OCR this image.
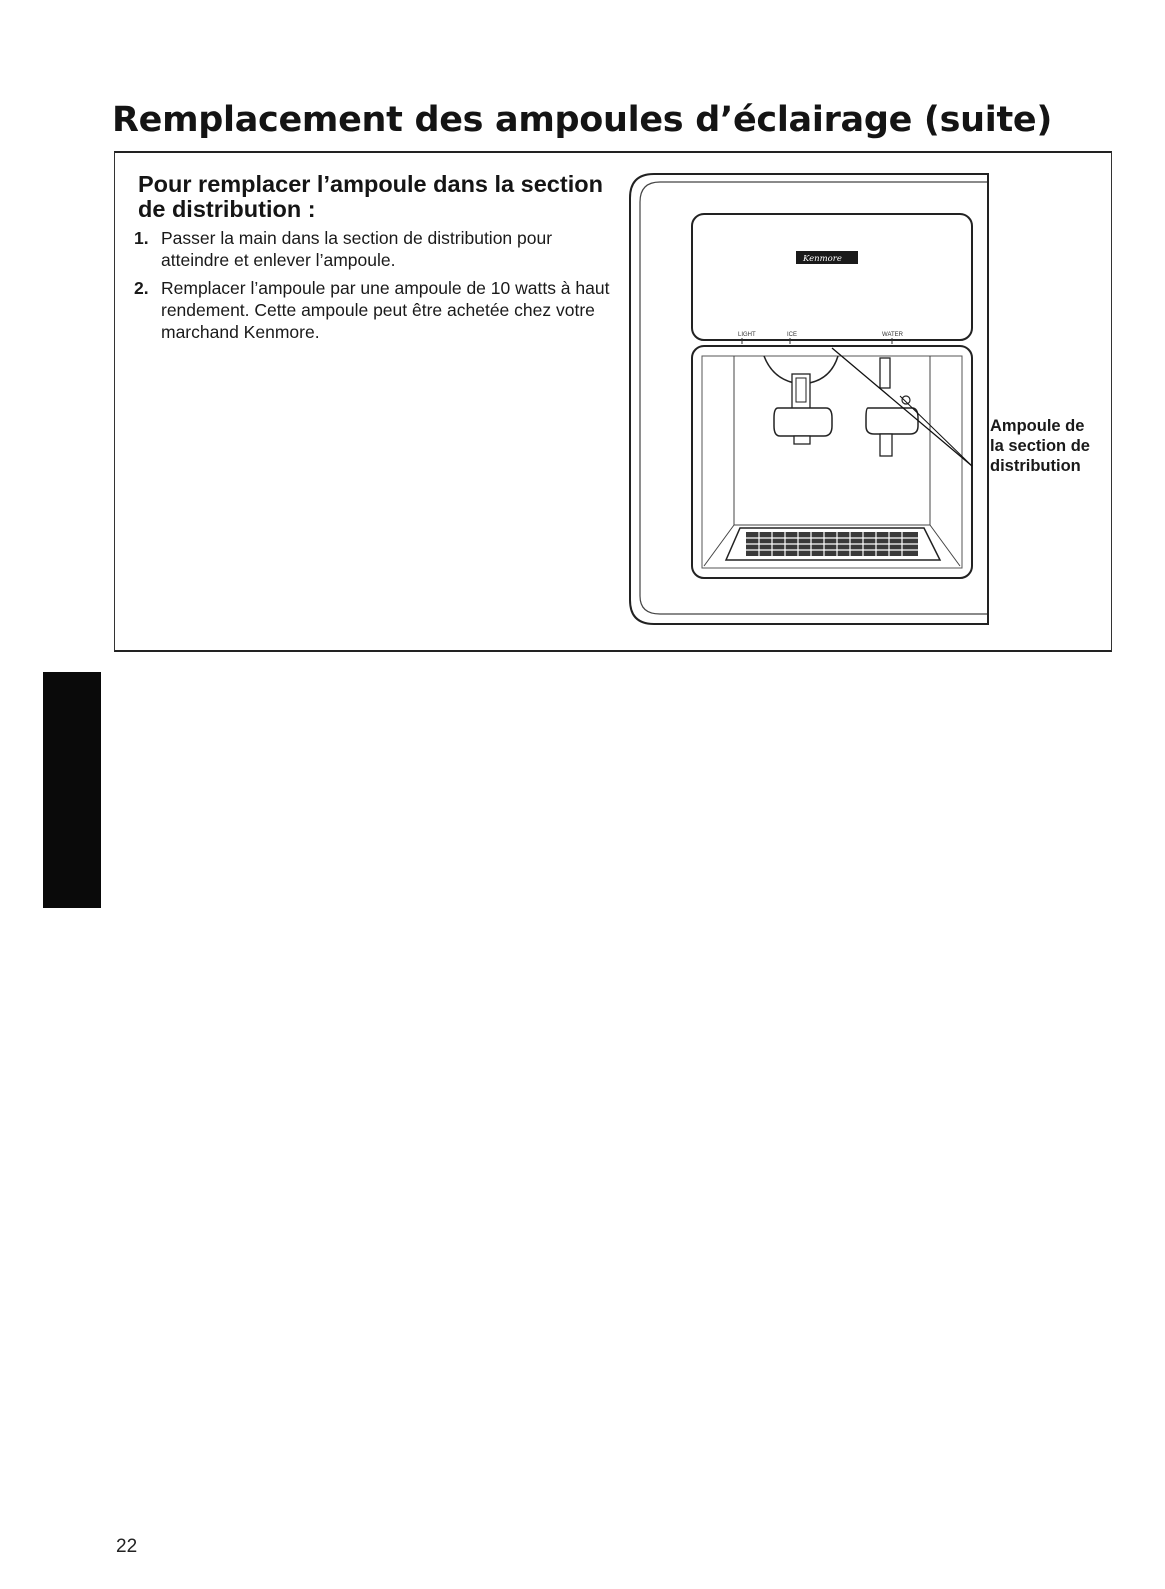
Remplacement des ampoules d’éclairage (suite)
Pour remplacer l’ampoule dans la section de distribution :
1. Passer la main dans la section de distribution pour atteindre et enlever l’ampoule.
2. Remplacer l’ampoule par une ampoule de 10 watts à haut rendement. Cette ampoule peut être achetée chez votre marchand Kenmore.
Kenmore
LIGHT	ICE	WATER

Ampoule de
la section de
distribution

22
